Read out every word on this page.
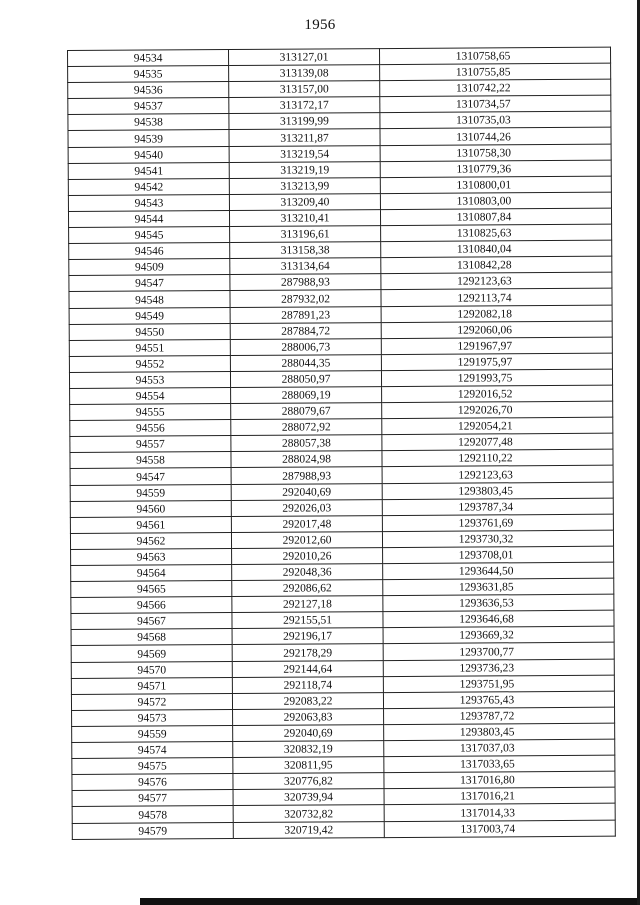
1956
94534	313127,01	1310758,65
94535	313139,08	1310755,85
94536	313157,00	1310742,22
94537	313172,17	1310734,57
94538	313199,99	1310735,03
94539	313211,87	1310744,26
94540	313219,54	1310758,30
94541	313219,19	1310779,36
94542	313213,99	1310800,01
94543	313209,40	1310803,00
94544	313210,41	1310807,84
94545	313196,61	1310825,63
94546	313158,38	1310840,04
94509	313134,64	1310842,28
94547	287988,93	1292123,63
94548	287932,02	1292113,74
94549	287891,23	1292082,18
94550	287884,72	1292060,06
94551	288006,73	1291967,97
94552	288044,35	1291975,97
94553	288050,97	1291993,75
94554	288069,19	1292016,52
94555	288079,67	1292026,70
94556	288072,92	1292054,21
94557	288057,38	1292077,48
94558	288024,98	1292110,22
94547	287988,93	1292123,63
94559	292040,69	1293803,45
94560	292026,03	1293787,34
94561	292017,48	1293761,69
94562	292012,60	1293730,32
94563	292010,26	1293708,01
94564	292048,36	1293644,50
94565	292086,62	1293631,85
94566	292127,18	1293636,53
94567	292155,51	1293646,68
94568	292196,17	1293669,32
94569	292178,29	1293700,77
94570	292144,64	1293736,23
94571	292118,74	1293751,95
94572	292083,22	1293765,43
94573	292063,83	1293787,72
94559	292040,69	1293803,45
94574	320832,19	1317037,03
94575	320811,95	1317033,65
94576	320776,82	1317016,80
94577	320739,94	1317016,21
94578	320732,82	1317014,33
94579	320719,42	1317003,74
